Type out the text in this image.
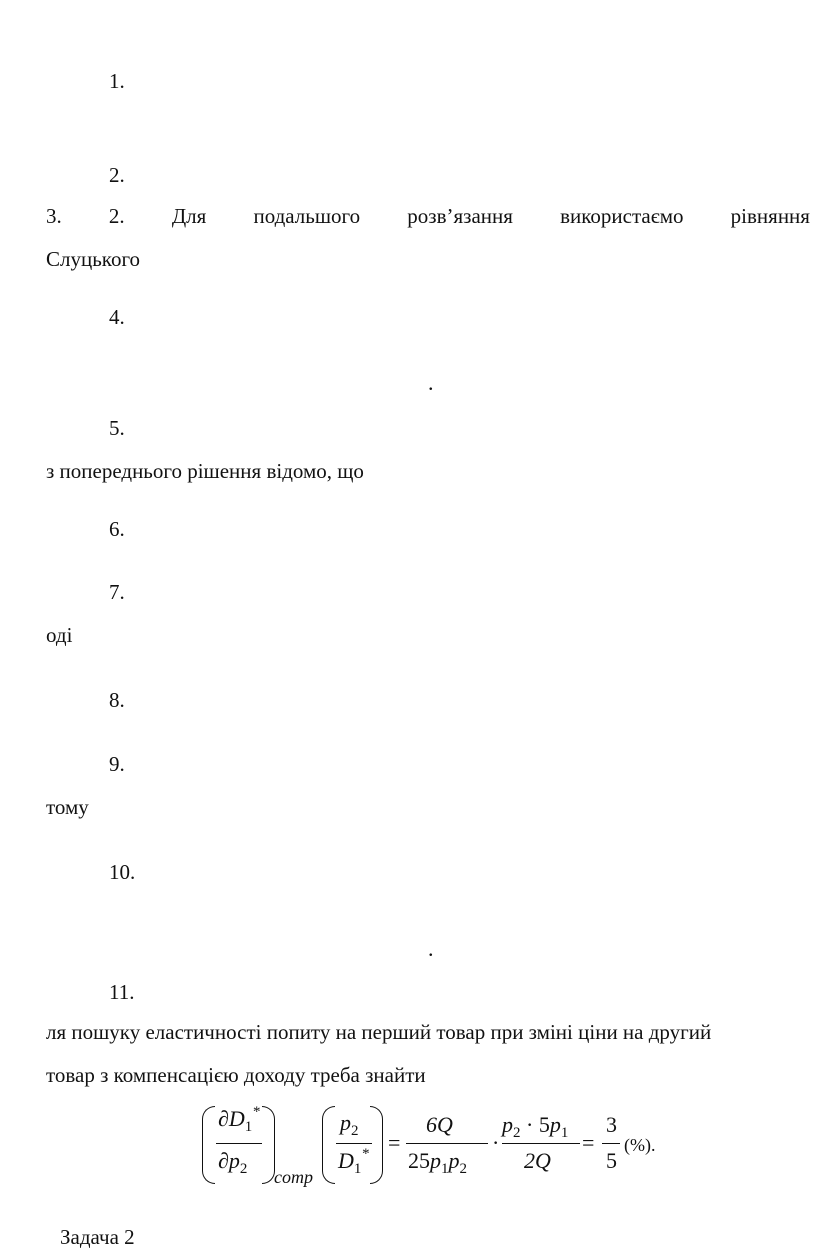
1.
2.
3. 2. Для подальшого розв’язання використаємо рівняння
Слуцького
4.
.
5.
з попереднього рішення відомо, що
6.
7.
оді
8.
9.
тому
10.
.
11.
ля пошуку еластичності попиту на перший товар при зміні ціни на другий
товар з компенсацією доходу треба знайти
$\partial D_1^*$
$\partial p_2$ comp
$p_2$
$D_1^*$ =
6Q
$25p_1p_2$
·
$p_2 \cdot 5p_1$
2Q
=
3
5
(%).
Задача 2
